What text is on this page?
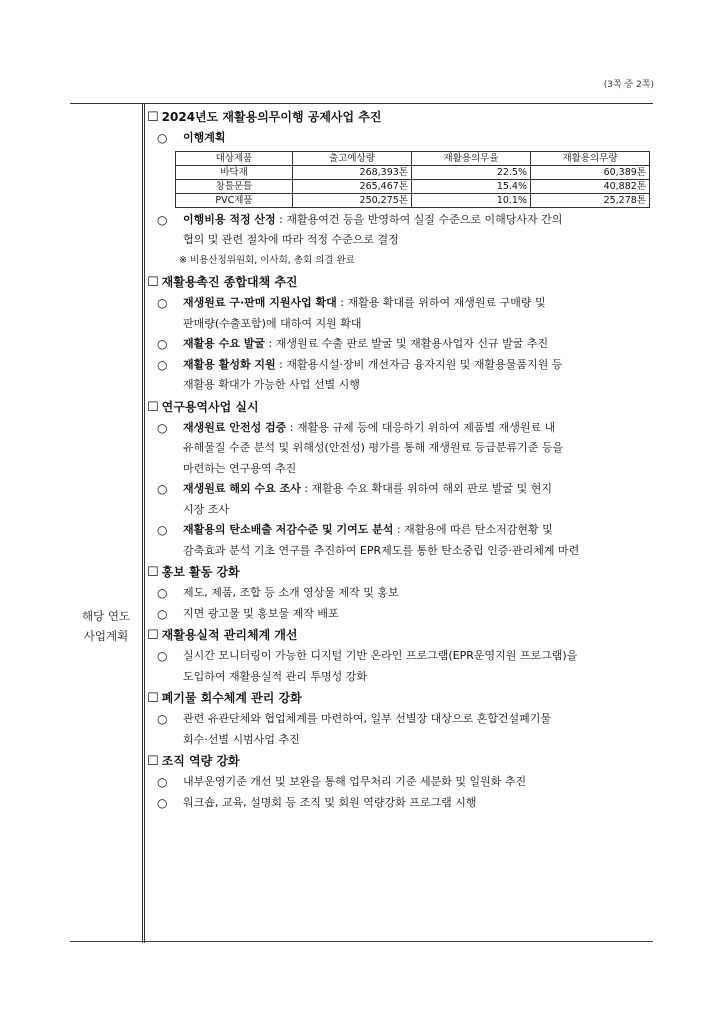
(3쪽 중 2쪽)
해당 연도
사업계획
☐ 2024년도 재활용의무이행 공제사업 추진
○ 이행계획
대상제품	출고예상량	재활용의무율	재활용의무량
바닥재	268,393톤	22.5%	60,389톤
창틀문틀	265,467톤	15.4%	40,882톤
PVC제품	250,275톤	10.1%	25,278톤
○ 이행비용 적정 산정 : 재활용여건 등을 반영하여 실질 수준으로 이해당사자 간의
협의 및 관련 절차에 따라 적정 수준으로 결정
※ 비용산정위원회, 이사회, 총회 의결 완료
☐ 재활용촉진 종합대책 추진
○ 재생원료 구·판매 지원사업 확대 : 재활용 확대를 위하여 재생원료 구매량 및
판매량(수출포함)에 대하여 지원 확대
○ 재활용 수요 발굴 : 재생원료 수출 판로 발굴 및 재활용사업자 신규 발굴 추진
○ 재활용 활성화 지원 : 재활용시설·장비 개선자금 융자지원 및 재활용물품지원 등
재활용 확대가 가능한 사업 선별 시행
☐ 연구용역사업 실시
○ 재생원료 안전성 검증 : 재활용 규제 등에 대응하기 위하여 제품별 재생원료 내
유해물질 수준 분석 및 위해성(안전성) 평가를 통해 재생원료 등급분류기준 등을
마련하는 연구용역 추진
○ 재생원료 해외 수요 조사 : 재활용 수요 확대를 위하여 해외 판로 발굴 및 현지
시장 조사
○ 재활용의 탄소배출 저감수준 및 기여도 분석 : 재활용에 따른 탄소저감현황 및
감축효과 분석 기초 연구를 추진하여 EPR제도를 통한 탄소중립 인증·관리체계 마련
☐ 홍보 활동 강화
○ 제도, 제품, 조합 등 소개 영상물 제작 및 홍보
○ 지면 광고물 및 홍보물 제작 배포
☐ 재활용실적 관리체계 개선
○ 실시간 모니터링이 가능한 디지털 기반 온라인 프로그램(EPR운영지원 프로그램)을
도입하여 재활용실적 관리 투명성 강화
☐ 폐기물 회수체계 관리 강화
○ 관련 유관단체와 협업체계를 마련하여, 일부 선별장 대상으로 혼합건설폐기물
회수·선별 시범사업 추진
☐ 조직 역량 강화
○ 내부운영기준 개선 및 보완을 통해 업무처리 기준 세분화 및 일원화 추진
○ 워크숍, 교육, 설명회 등 조직 및 회원 역량강화 프로그램 시행
